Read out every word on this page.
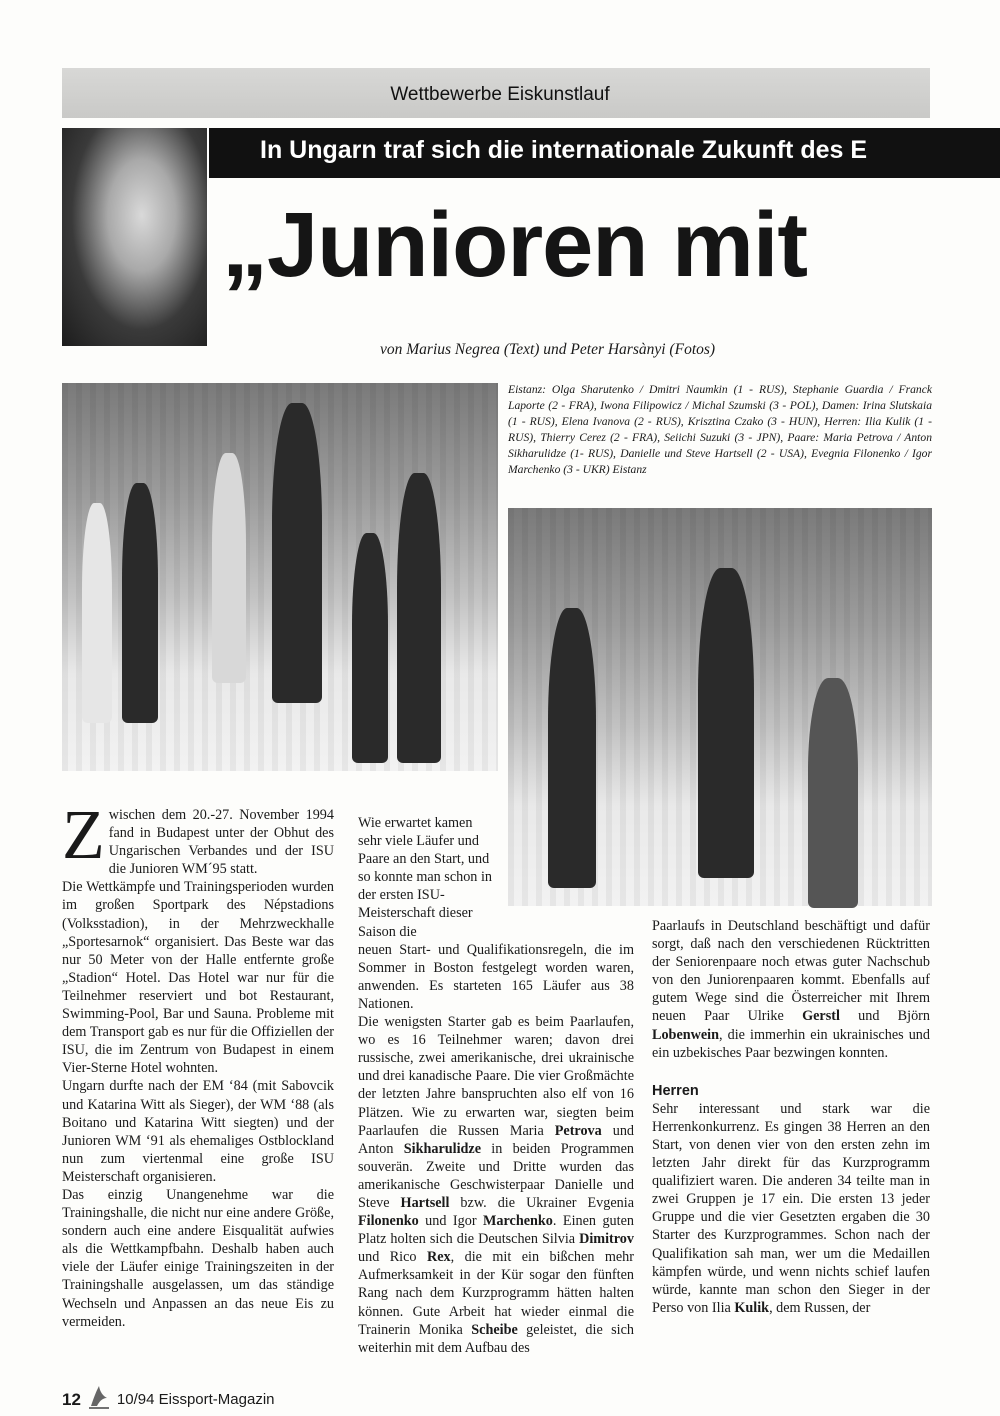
Wettbewerbe Eiskunstlauf
In Ungarn traf sich die internationale Zukunft des E
„Junioren mit
von Marius Negrea (Text) und Peter Harsànyi (Fotos)
Eistanz: Olga Sharutenko / Dmitri Naumkin (1 - RUS), Stephanie Guardia / Franck Laporte (2 - FRA), Iwona Filipowicz / Michal Szumski (3 - POL), Damen: Irina Slutskaia (1 - RUS), Elena Ivanova (2 - RUS), Krisztina Czako (3 - HUN), Herren: Ilia Kulik (1 - RUS), Thierry Cerez (2 - FRA), Seiichi Suzuki (3 - JPN), Paare: Maria Petrova / Anton Sikharulidze (1- RUS), Danielle und Steve Hartsell (2 - USA), Evegnia Filonenko / Igor Marchenko (3 - UKR) Eistanz

Zwischen dem 20.-27. November 1994 fand in Budapest unter der Obhut des Ungarischen Verbandes und der ISU die Junioren WM´95 statt.

Die Wettkämpfe und Trainingsperioden wurden im großen Sportpark des Népstadions (Volksstadion), in der Mehrzweckhalle „Sportesarnok“ organisiert. Das Beste war das nur 50 Meter von der Halle entfernte große „Stadion“ Hotel. Das Hotel war nur für die Teilnehmer reserviert und bot Restaurant, Swimming-Pool, Bar und Sauna. Probleme mit dem Transport gab es nur für die Offiziellen der ISU, die im Zentrum von Budapest in einem Vier-Sterne Hotel wohnten.

Ungarn durfte nach der EM ‘84 (mit Sabovcik und Katarina Witt als Sieger), der WM ‘88 (als Boitano und Katarina Witt siegten) und der Junioren WM ‘91 als ehemaliges Ostblockland nun zum viertenmal eine große ISU Meisterschaft organisieren.

Das einzig Unangenehme war die Trainingshalle, die nicht nur eine andere Größe, sondern auch eine andere Eisqualität aufwies als die Wettkampfbahn. Deshalb haben auch viele der Läufer einige Trainingszeiten in der Trainingshalle ausgelassen, um das ständige Wechseln und Anpassen an das neue Eis zu vermeiden.

Wie erwartet kamen sehr viele Läufer und Paare an den Start, und so konnte man schon in der ersten ISU-Meisterschaft dieser Saison die

neuen Start- und Qualifikationsregeln, die im Sommer in Boston festgelegt worden waren, anwenden. Es starteten 165 Läufer aus 38 Nationen.

Die wenigsten Starter gab es beim Paarlaufen, wo es 16 Teilnehmer waren; davon drei russische, zwei amerikanische, drei ukrainische und drei kanadische Paare. Die vier Großmächte der letzten Jahre banspruchten also elf von 16 Plätzen. Wie zu erwarten war, siegten beim Paarlaufen die Russen Maria Petrova und Anton Sikharulidze in beiden Programmen souverän. Zweite und Dritte wurden das amerikanische Geschwisterpaar Danielle und Steve Hartsell bzw. die Ukrainer Evgenia Filonenko und Igor Marchenko. Einen guten Platz holten sich die Deutschen Silvia Dimitrov und Rico Rex, die mit ein bißchen mehr Aufmerksamkeit in der Kür sogar den fünften Rang nach dem Kurzprogramm hätten halten können. Gute Arbeit hat wieder einmal die Trainerin Monika Scheibe geleistet, die sich weiterhin mit dem Aufbau des

Paarlaufs in Deutschland beschäftigt und dafür sorgt, daß nach den verschiedenen Rücktritten der Seniorenpaare noch etwas guter Nachschub von den Juniorenpaaren kommt. Ebenfalls auf gutem Wege sind die Österreicher mit Ihrem neuen Paar Ulrike Gerstl und Björn Lobenwein, die immerhin ein ukrainisches und ein uzbekisches Paar bezwingen konnten.

Herren

Sehr interessant und stark war die Herrenkonkurrenz. Es gingen 38 Herren an den Start, von denen vier von den ersten zehn im letzten Jahr direkt für das Kurzprogramm qualifiziert waren. Die anderen 34 teilte man in zwei Gruppen je 17 ein. Die ersten 13 jeder Gruppe und die vier Gesetzten ergaben die 30 Starter des Kurzprogrammes. Schon nach der Qualifikation sah man, wer um die Medaillen kämpfen würde, und wenn nichts schief laufen würde, kannte man schon den Sieger in der Perso von Ilia Kulik, dem Russen, der

12 10/94 Eissport-Magazin
